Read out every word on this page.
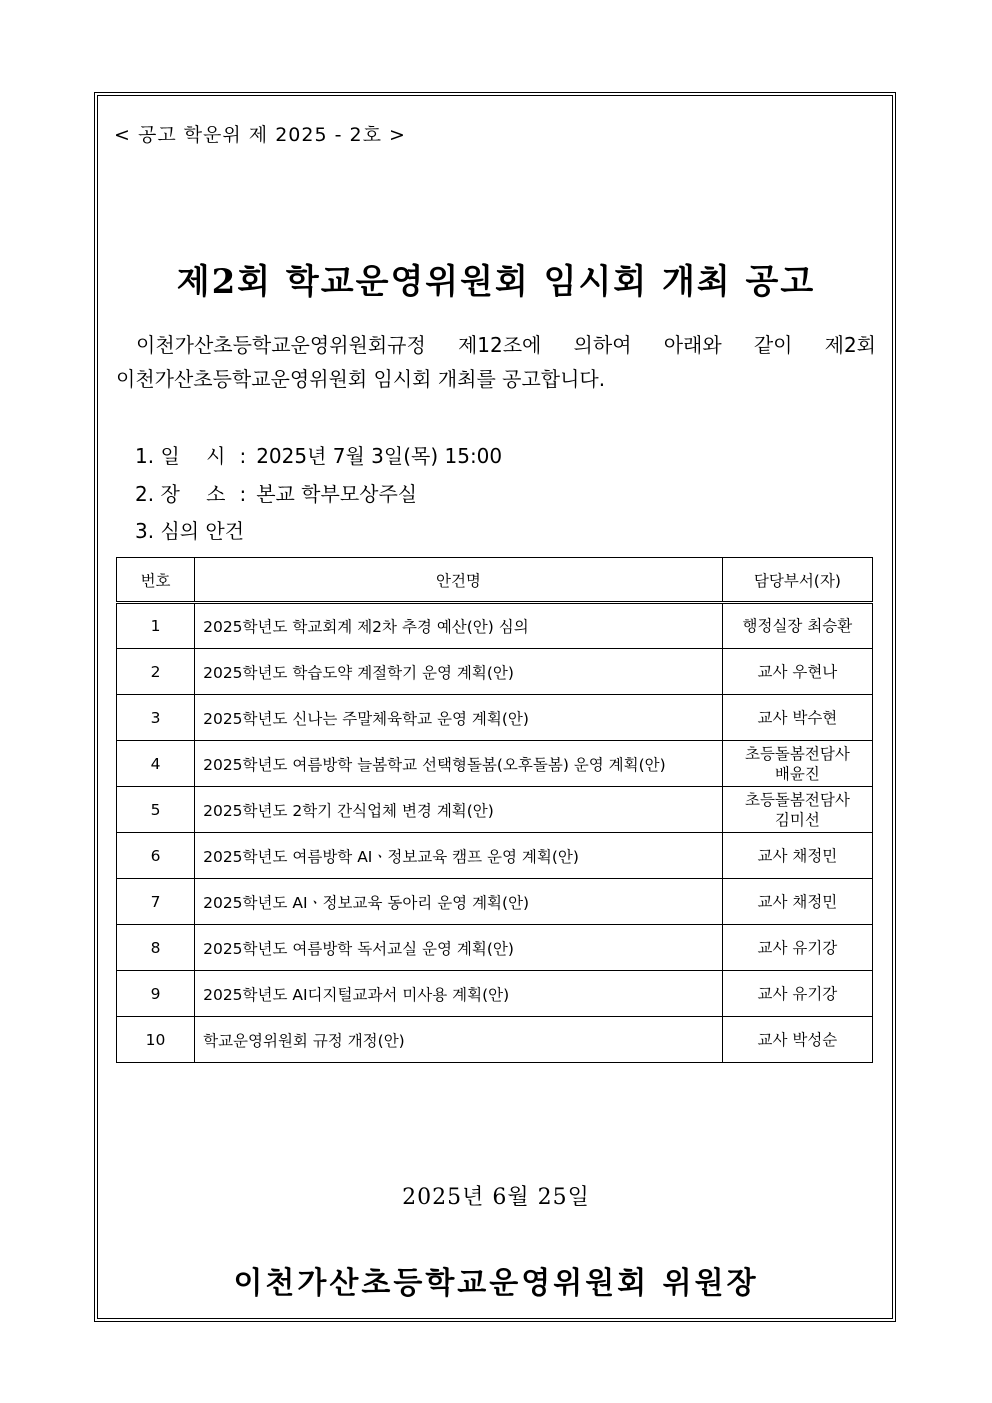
< 공고 학운위 제 2025 - 2호 >
제2회 학교운영위원회 임시회 개최 공고
이천가산초등학교운영위원회규정 제12조에 의하여 아래와 같이 제2회
이천가산초등학교운영위원회 임시회 개최를 공고합니다.
1. 일　 시 : 2025년 7월 3일(목) 15:00
2. 장　 소 : 본교 학부모상주실
3. 심의 안건
번호	안건명	담당부서(자)
1	2025학년도 학교회계 제2차 추경 예산(안) 심의	행정실장 최승환

2	2025학년도 학습도약 계절학기 운영 계획(안)	교사 우현나

3	2025학년도 신나는 주말체육학교 운영 계획(안)	교사 박수현

4	2025학년도 여름방학 늘봄학교 선택형돌봄(오후돌봄) 운영 계획(안)	초등돌봄전담사
배윤진

5	2025학년도 2학기 간식업체 변경 계획(안)	초등돌봄전담사
김미선

6	2025학년도 여름방학 AIㆍ정보교육 캠프 운영 계획(안)	교사 채정민

7	2025학년도 AIㆍ정보교육 동아리 운영 계획(안)	교사 채정민

8	2025학년도 여름방학 독서교실 운영 계획(안)	교사 유기강

9	2025학년도 AI디지털교과서 미사용 계획(안)	교사 유기강

10	학교운영위원회 규정 개정(안)	교사 박성순
2025년 6월 25일
이천가산초등학교운영위원회 위원장
